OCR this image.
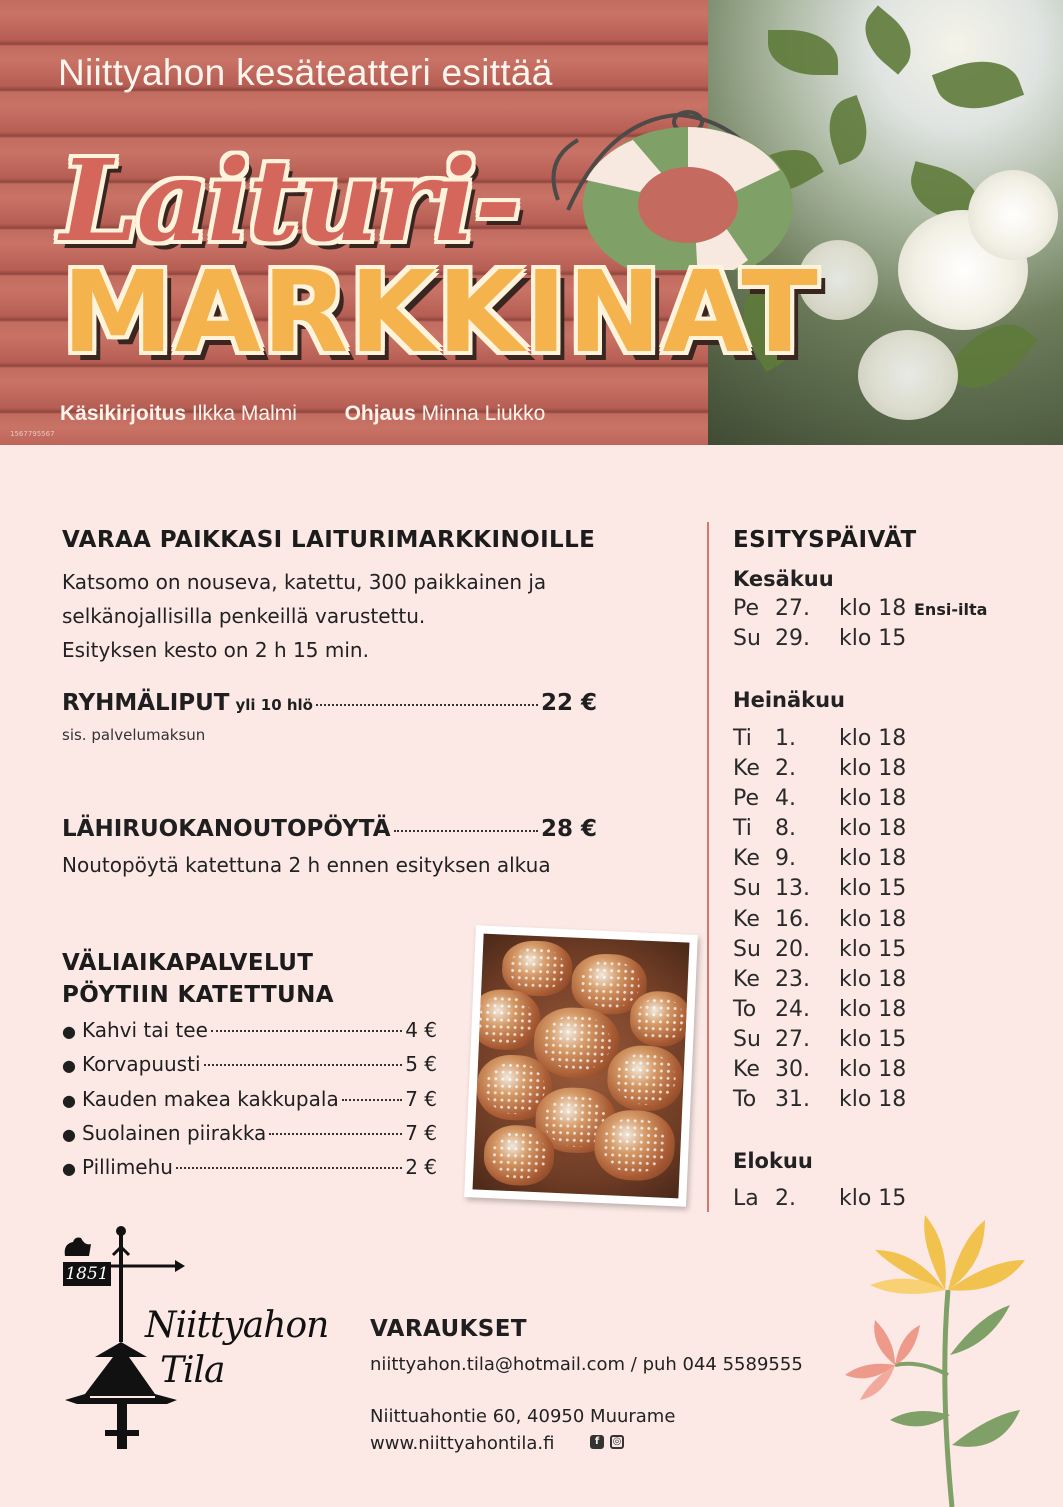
Niittyahon kesäteatteri esittää
Laituri-
MARKKINAT
Käsikirjoitus Ilkka Malmi Ohjaus Minna Liukko
1567795567
VARAA PAIKKASI LAITURIMARKKINOILLE
Katsomo on nouseva, katettu, 300 paikkainen ja
selkänojallisilla penkeillä varustettu.
Esityksen kesto on 2 h 15 min.
RYHMÄLIPUT yli 10 hlö	22 €
sis. palvelumaksun
LÄHIRUOKANOUTOPÖYTÄ	28 €
Noutopöytä katettuna 2 h ennen esityksen alkua
VÄLIAIKAPALVELUT
PÖYTIIN KATETTUNA
● Kahvi tai tee	4 €
● Korvapuusti	5 €
● Kauden makea kakkupala	7 €
● Suolainen piirakka	7 €
● Pillimehu	2 €
ESITYSPÄIVÄT
Kesäkuu
Pe 27. klo 18 Ensi-ilta
Su 29. klo 15
Heinäkuu
Ti 1. klo 18
Ke 2. klo 18
Pe 4. klo 18
Ti 8. klo 18
Ke 9. klo 18
Su 13. klo 15
Ke 16. klo 18
Su 20. klo 15
Ke 23. klo 18
To 24. klo 18
Su 27. klo 15
Ke 30. klo 18
To 31. klo 18
Elokuu
La 2. klo 15
1851
Niittyahon
Tila
VARAUKSET
niittyahon.tila@hotmail.com / puh 044 5589555
Niittuahontie 60, 40950 Muurame
www.niittyahontila.fi	f	◎
